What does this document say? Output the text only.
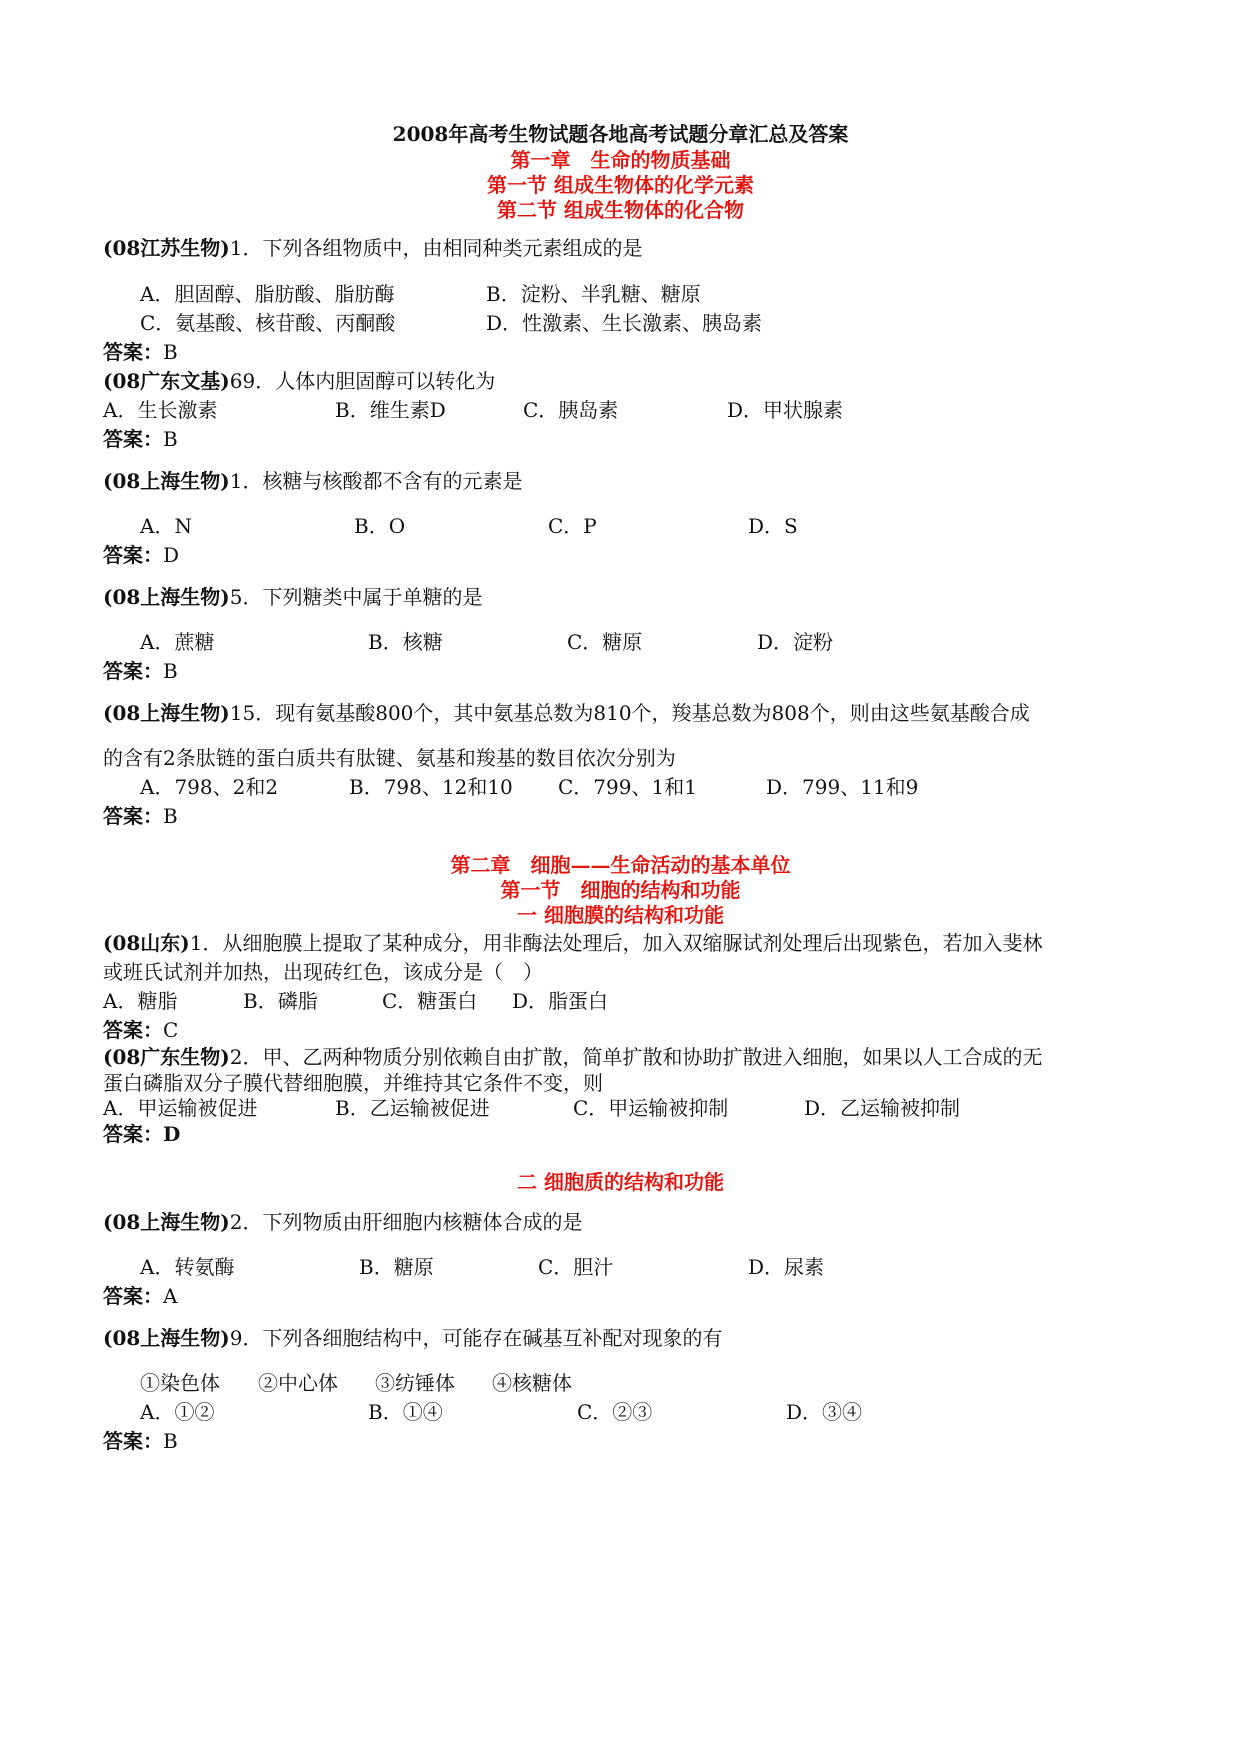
2008年高考生物试题各地高考试题分章汇总及答案
第一章　生命的物质基础
第一节 组成生物体的化学元素
第二节 组成生物体的化合物
(08江苏生物)1．下列各组物质中，由相同种类元素组成的是
A．胆固醇、脂肪酸、脂肪酶	B．淀粉、半乳糖、糖原
C．氨基酸、核苷酸、丙酮酸	D．性激素、生长激素、胰岛素
答案：B
(08广东文基)69．人体内胆固醇可以转化为
A．生长激素	B．维生素D	C．胰岛素	D．甲状腺素
答案：B
(08上海生物)1．核糖与核酸都不含有的元素是
A．N	B．O	C．P	D．S
答案：D
(08上海生物)5．下列糖类中属于单糖的是
A．蔗糖	B．核糖	C．糖原	D．淀粉
答案：B
(08上海生物)15．现有氨基酸800个，其中氨基总数为810个，羧基总数为808个，则由这些氨基酸合成
的含有2条肽链的蛋白质共有肽键、氨基和羧基的数目依次分别为
A．798、2和2	B．798、12和10 C．799、1和1	D．799、11和9
答案：B
第二章　细胞——生命活动的基本单位
第一节　细胞的结构和功能
一 细胞膜的结构和功能
(08山东)1．从细胞膜上提取了某种成分，用非酶法处理后，加入双缩脲试剂处理后出现紫色，若加入斐林
或班氏试剂并加热，出现砖红色，该成分是（　）
A．糖脂	B．磷脂	C．糖蛋白 D．脂蛋白
答案：C
(08广东生物)2．甲、乙两种物质分别依赖自由扩散，简单扩散和协助扩散进入细胞，如果以人工合成的无
蛋白磷脂双分子膜代替细胞膜，并维持其它条件不变，则
A．甲运输被促进	B．乙运输被促进	C．甲运输被抑制	D．乙运输被抑制
答案：D
二 细胞质的结构和功能
(08上海生物)2．下列物质由肝细胞内核糖体合成的是
A．转氨酶	B．糖原	C．胆汁	D．尿素
答案：A
(08上海生物)9．下列各细胞结构中，可能存在碱基互补配对现象的有
①染色体 ②中心体 ③纺锤体 ④核糖体
A．①②	B．①④	C．②③	D．③④
答案：B
